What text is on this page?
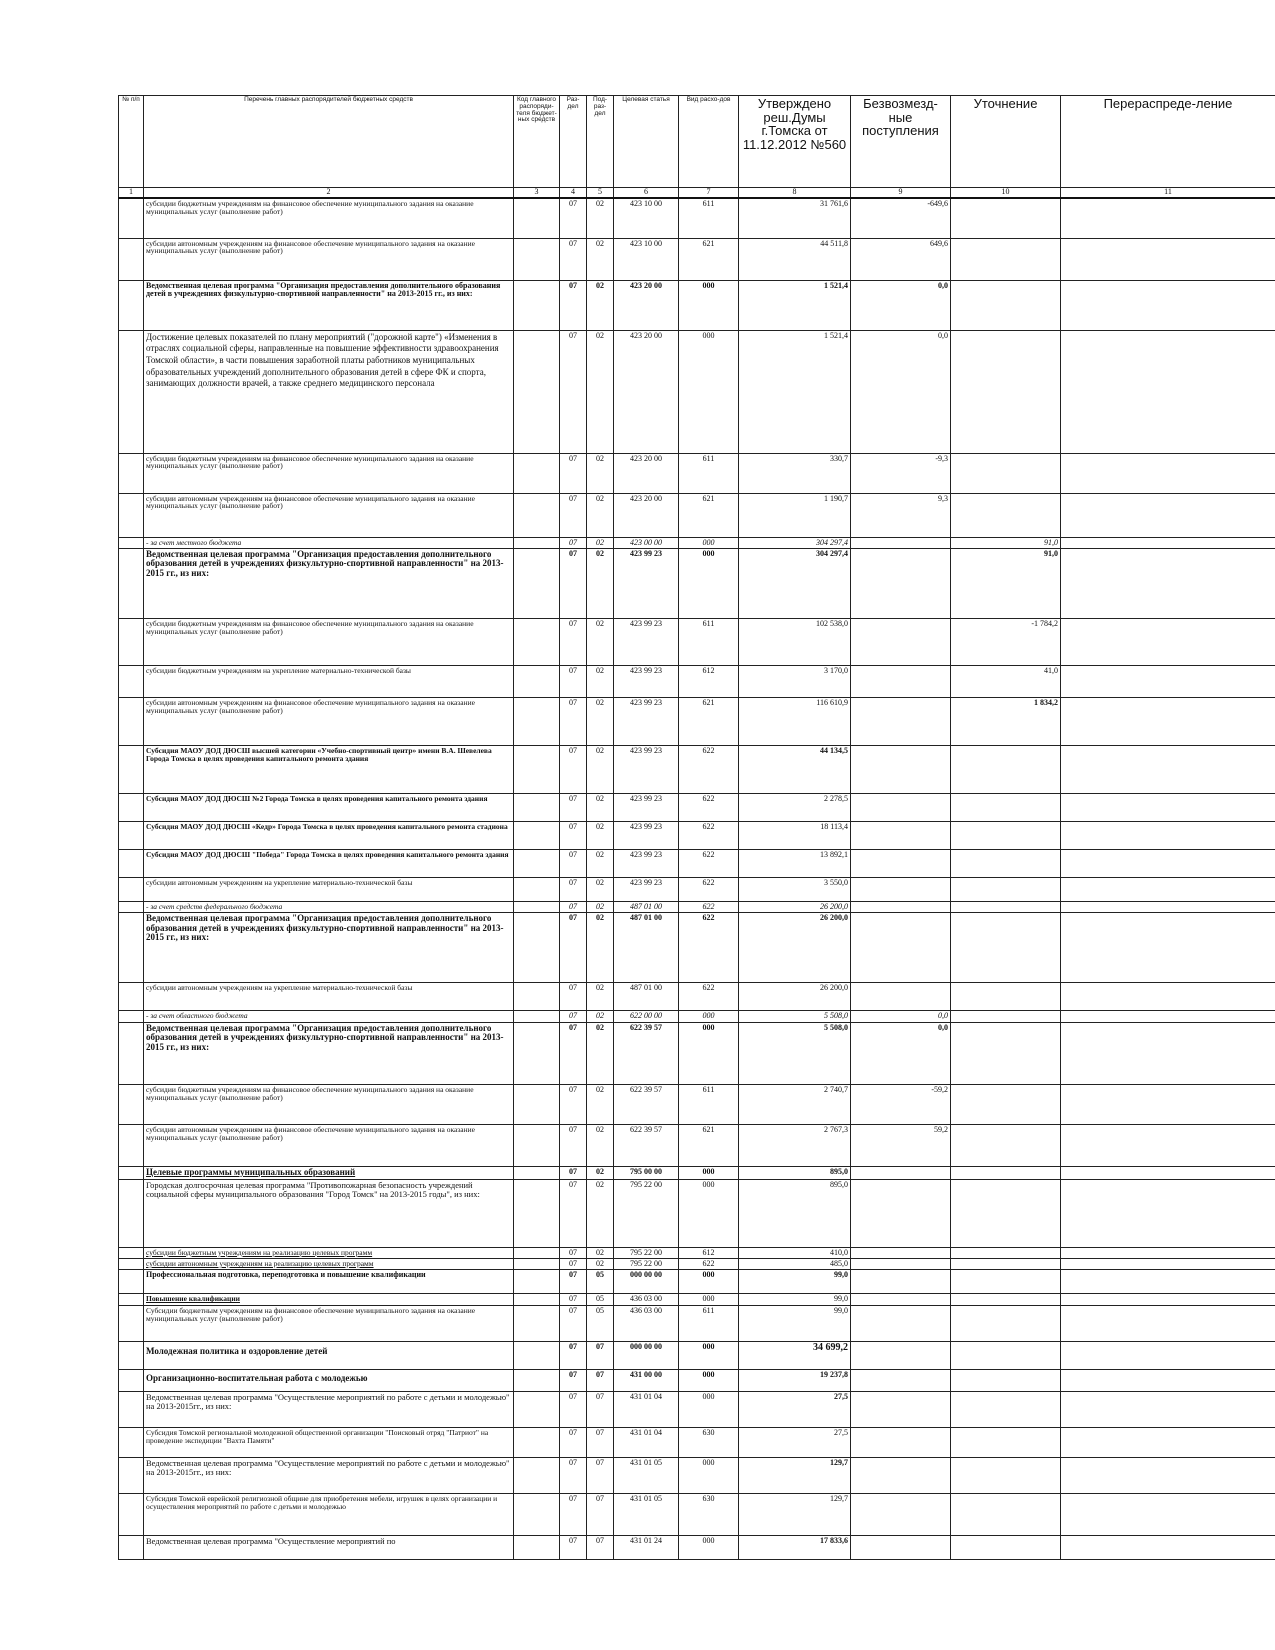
№ п/п	Перечень главных распорядителей бюджетных средств	Код главного распоряди-теля бюджет-ных средств	Раз-дел	Под-раз-дел	Целевая статья	Вид расхо-дов	Утверждено реш.Думы г.Томска от 11.12.2012 №560	Безвозмезд-ные поступления	Уточнение	Перераспреде-ление
1	2	3	4	5	6	7	8	9	10	11
	субсидии бюджетным учреждениям на финансовое обеспечение муниципального задания на оказание муниципальных услуг (выполнение работ)		07	02	423 10 00	611	31 761,6	-649,6		
	субсидии автономным учреждениям на финансовое обеспечение муниципального задания на оказание муниципальных услуг (выполнение работ)		07	02	423 10 00	621	44 511,8	649,6		
	Ведомственная целевая программа "Организация предоставления дополнительного образования детей в учреждениях физкультурно-спортивной направленности" на 2013-2015 гг., из них:		07	02	423 20 00	000	1 521,4	0,0		
	Достижение целевых показателей по плану мероприятий ("дорожной карте") «Изменения в отраслях социальной сферы, направленные на повышение эффективности здравоохранения Томской области», в части повышения заработной платы работников муниципальных образовательных учреждений дополнительного образования детей в сфере ФК и спорта, занимающих должности врачей, а также среднего медицинского персонала		07	02	423 20 00	000	1 521,4	0,0		
	субсидии бюджетным учреждениям на финансовое обеспечение муниципального задания на оказание муниципальных услуг (выполнение работ)		07	02	423 20 00	611	330,7	-9,3		
	субсидии автономным учреждениям на финансовое обеспечение муниципального задания на оказание муниципальных услуг (выполнение работ)		07	02	423 20 00	621	1 190,7	9,3		
	- за счет местного бюджета		07	02	423 00 00	000	304 297,4		91,0	
	Ведомственная целевая программа "Организация предоставления дополнительного образования детей в учреждениях физкультурно-спортивной направленности" на 2013-2015 гг., из них:		07	02	423 99 23	000	304 297,4		91,0	
	субсидии бюджетным учреждениям на финансовое обеспечение муниципального задания на оказание муниципальных услуг (выполнение работ)		07	02	423 99 23	611	102 538,0		-1 784,2	
	субсидии бюджетным учреждениям на укрепление материально-технической базы		07	02	423 99 23	612	3 170,0		41,0	
	субсидии автономным учреждениям на финансовое обеспечение муниципального задания на оказание муниципальных услуг (выполнение работ)		07	02	423 99 23	621	116 610,9		1 834,2	
	Субсидия МАОУ ДОД ДЮСШ высшей категории «Учебно-спортивный центр» имени В.А. Шевелева Города Томска в целях проведения капитального ремонта здания		07	02	423 99 23	622	44 134,5			
	Субсидия МАОУ ДОД ДЮСШ №2 Города Томска в целях проведения капитального ремонта здания		07	02	423 99 23	622	2 278,5			
	Субсидия МАОУ ДОД ДЮСШ «Кедр» Города Томска в целях проведения капитального ремонта стадиона		07	02	423 99 23	622	18 113,4			
	Субсидия МАОУ ДОД ДЮСШ "Победа" Города Томска в целях проведения капитального ремонта здания		07	02	423 99 23	622	13 892,1			
	субсидии автономным учреждениям на укрепление материально-технической базы		07	02	423 99 23	622	3 550,0			
	- за счет средств федерального бюджета		07	02	487 01 00	622	26 200,0			
	Ведомственная целевая программа "Организация предоставления дополнительного образования детей в учреждениях физкультурно-спортивной направленности" на 2013-2015 гг., из них:		07	02	487 01 00	622	26 200,0			
	субсидии автономным учреждениям на укрепление материально-технической базы		07	02	487 01 00	622	26 200,0			
	- за счет областного бюджета		07	02	622 00 00	000	5 508,0	0,0		
	Ведомственная целевая программа "Организация предоставления дополнительного образования детей в учреждениях физкультурно-спортивной направленности" на 2013-2015 гг., из них:		07	02	622 39 57	000	5 508,0	0,0		
	субсидии бюджетным учреждениям на финансовое обеспечение муниципального задания на оказание муниципальных услуг (выполнение работ)		07	02	622 39 57	611	2 740,7	-59,2		
	субсидии автономным учреждениям на финансовое обеспечение муниципального задания на оказание муниципальных услуг (выполнение работ)		07	02	622 39 57	621	2 767,3	59,2		
	Целевые программы муниципальных образований		07	02	795 00 00	000	895,0			
	Городская долгосрочная целевая программа "Противопожарная безопасность учреждений социальной сферы муниципального образования "Город Томск" на 2013-2015 годы", из них:		07	02	795 22 00	000	895,0			
	субсидии бюджетным учреждениям на реализацию целевых программ		07	02	795 22 00	612	410,0			
	субсидии автономным учреждениям на реализацию целевых программ		07	02	795 22 00	622	485,0			
	Профессиональная подготовка, переподготовка и повышение квалификации		07	05	000 00 00	000	99,0			
	Повышение квалификации		07	05	436 03 00	000	99,0			
	Субсидии бюджетным учреждениям на финансовое обеспечение муниципального задания на оказание муниципальных услуг (выполнение работ)		07	05	436 03 00	611	99,0			
	Молодежная политика и оздоровление детей		07	07	000 00 00	000	34 699,2			
	Организационно-воспитательная работа с молодежью		07	07	431 00 00	000	19 237,8			
	Ведомственная целевая программа "Осуществление мероприятий по работе с детьми и молодежью" на 2013-2015гг., из них:		07	07	431 01 04	000	27,5			
	Субсидия Томской региональной молодежной общественной организации "Поисковый отряд "Патриот" на проведение экспедиции "Вахта Памяти"		07	07	431 01 04	630	27,5			
	Ведомственная целевая программа "Осуществление мероприятий по работе с детьми и молодежью" на 2013-2015гг., из них:		07	07	431 01 05	000	129,7			
	Субсидия Томской еврейской религиозной общине для приобретения мебели, игрушек в целях организации и осуществления мероприятий по работе с детьми и молодежью		07	07	431 01 05	630	129,7			
	Ведомственная целевая программа "Осуществление мероприятий по		07	07	431 01 24	000	17 833,6			
